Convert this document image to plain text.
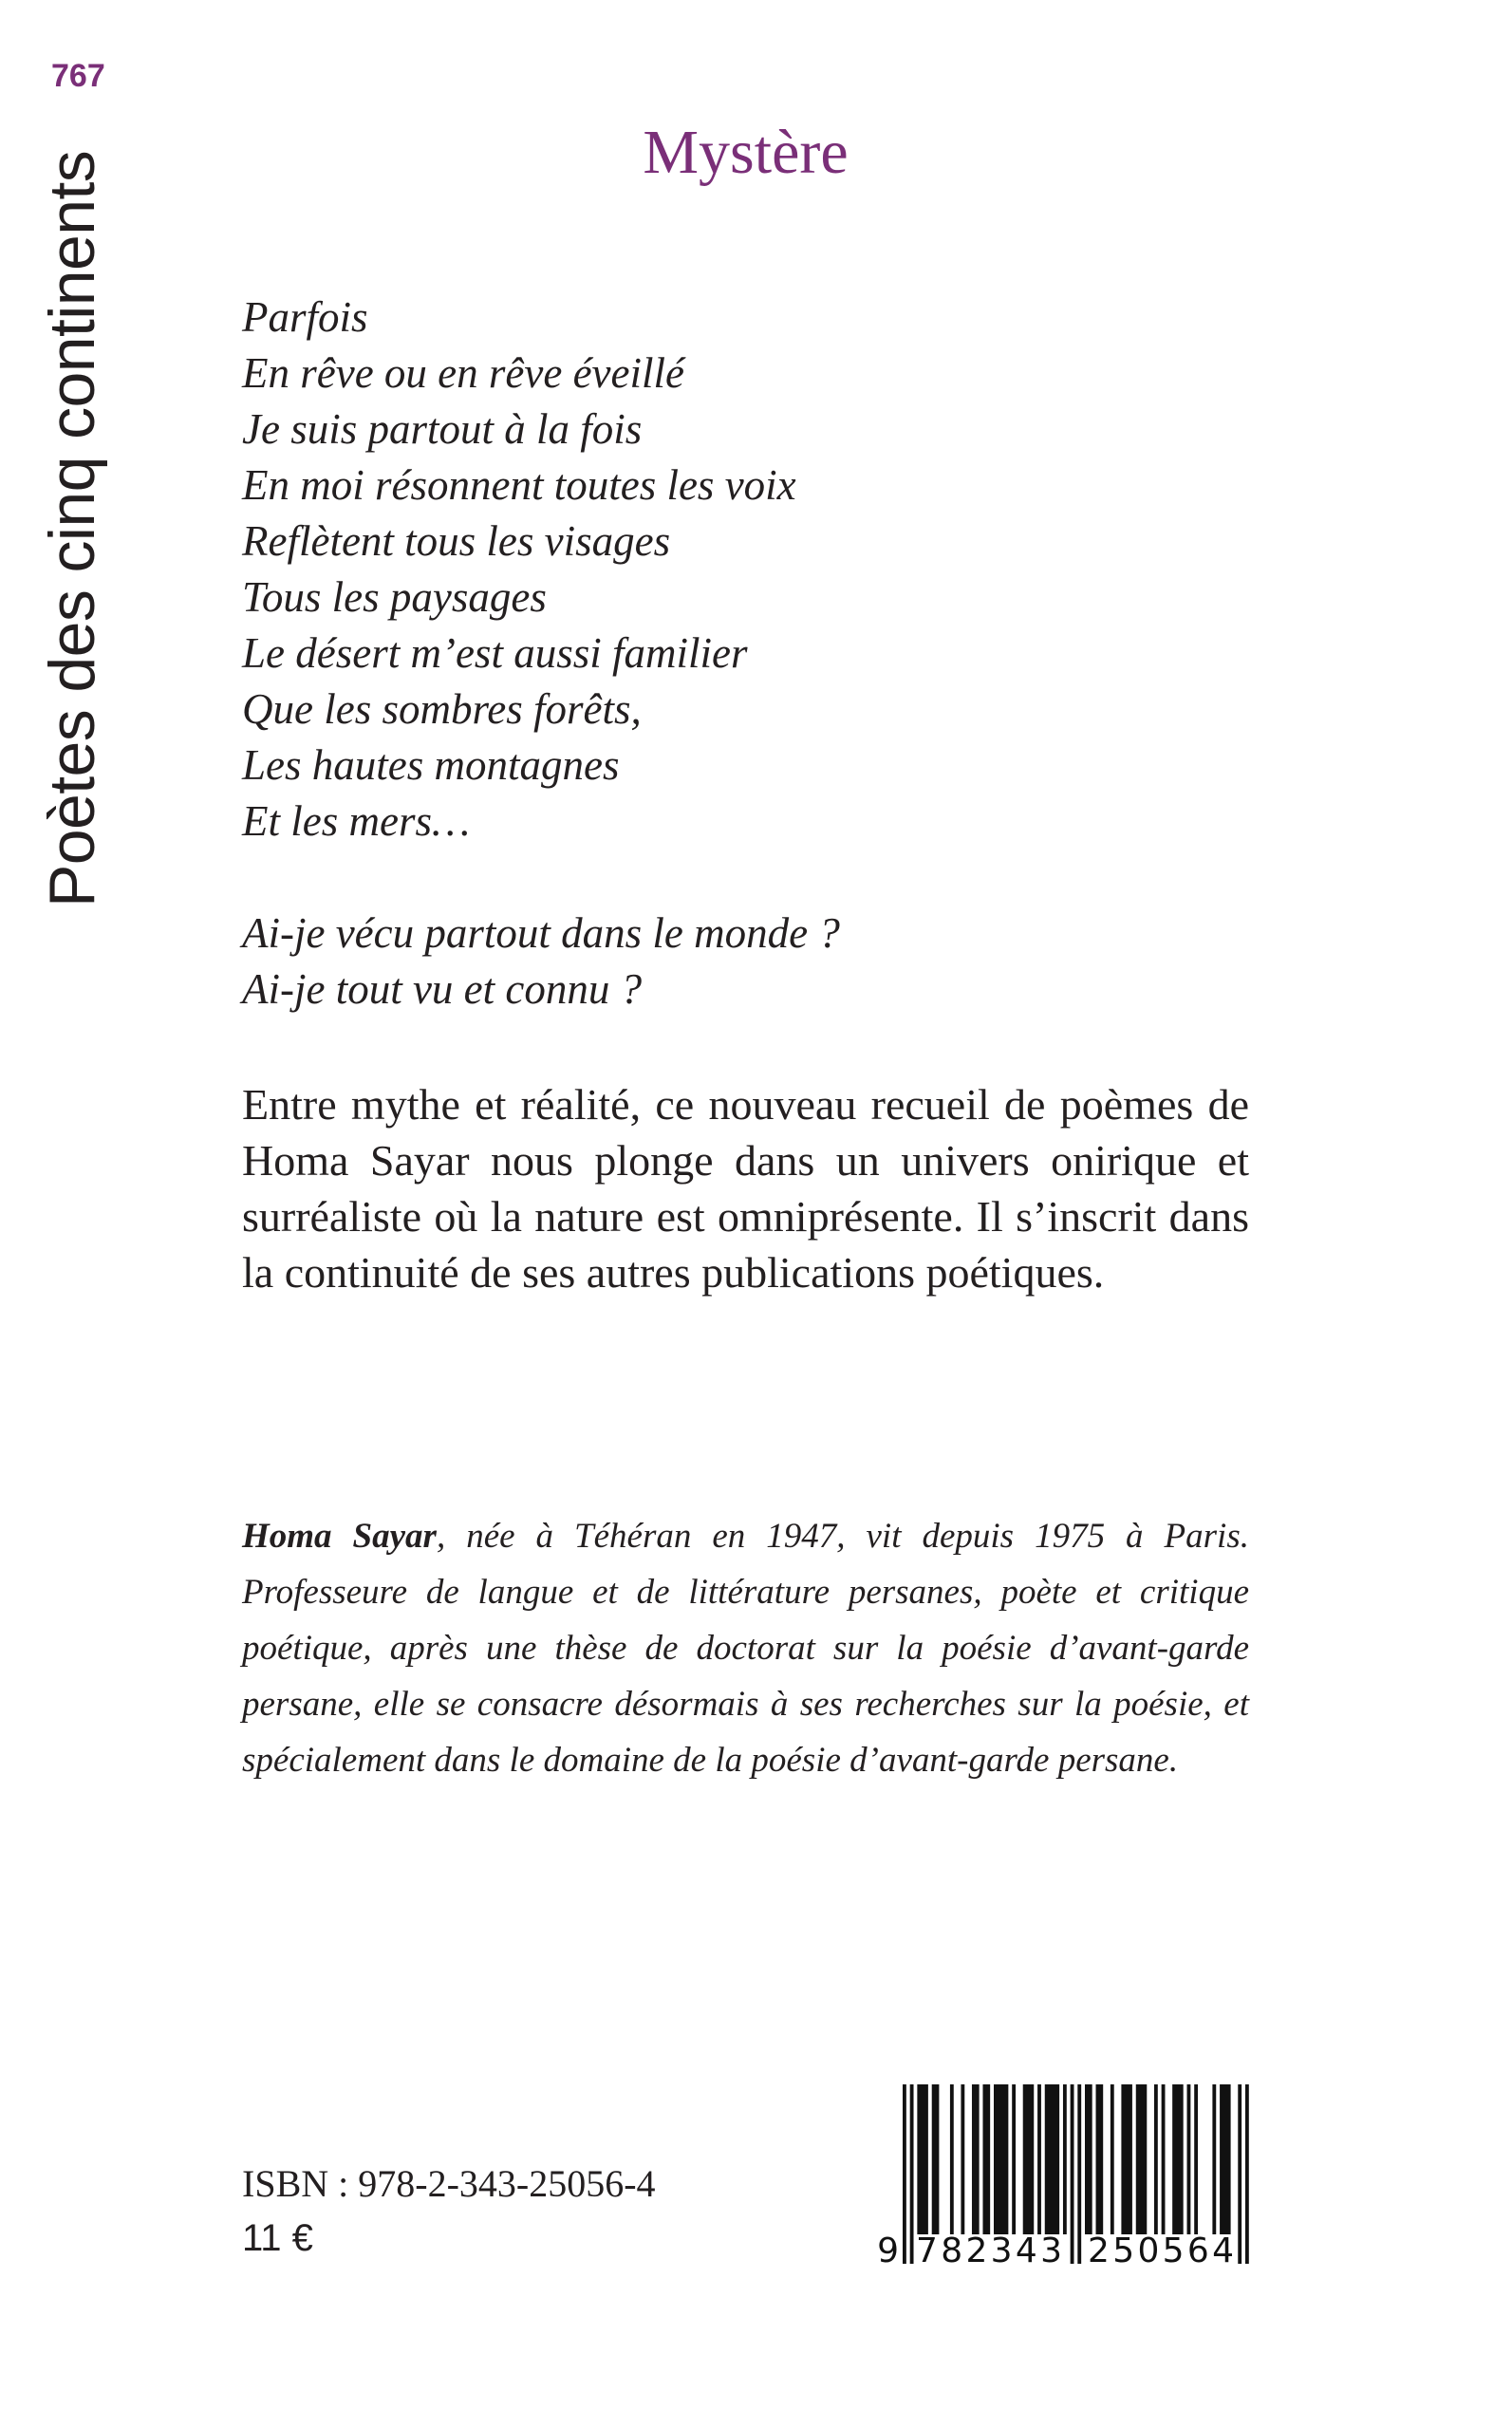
767
Poètes des cinq continents	Mystère
Parfois
En rêve ou en rêve éveillé
Je suis partout à la fois
En moi résonnent toutes les voix
Reflètent tous les visages
Tous les paysages
Le désert m’est aussi familier
Que les sombres forêts,
Les hautes montagnes
Et les mers…
Ai-je vécu partout dans le monde ?
Ai-je tout vu et connu ?
Entre mythe et réalité, ce nouveau recueil de poèmes de
Homa Sayar nous plonge dans un univers onirique et
surréaliste où la nature est omniprésente. Il s’inscrit dans
la continuité de ses autres publications poétiques.
Homa Sayar, née à Téhéran en 1947, vit depuis 1975 à Paris.
Professeure de langue et de littérature persanes, poète et critique
poétique, après une thèse de doctorat sur la poésie d’avant-garde
persane, elle se consacre désormais à ses recherches sur la poésie, et
spécialement dans le domaine de la poésie d’avant-garde persane.
ISBN : 978-2-343-25056-4
11 €	9 782343 250564
